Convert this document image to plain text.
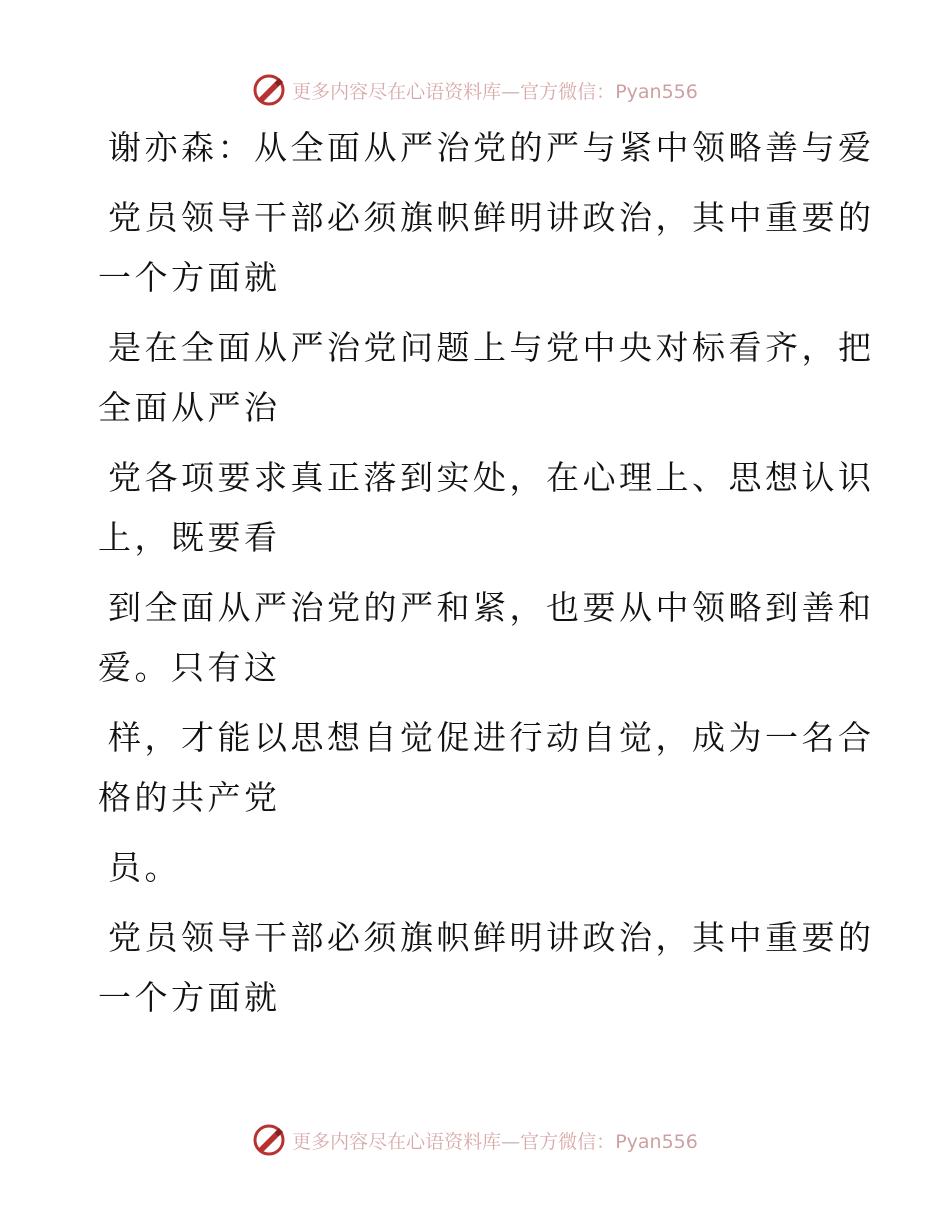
更多内容尽在心语资料库—官方微信：Pyan556
谢亦森：从全面从严治党的严与紧中领略善与爱
党员领导干部必须旗帜鲜明讲政治，其中重要的
一个方面就
是在全面从严治党问题上与党中央对标看齐，把
全面从严治
党各项要求真正落到实处，在心理上、思想认识
上，既要看
到全面从严治党的严和紧，也要从中领略到善和
爱。只有这
样，才能以思想自觉促进行动自觉，成为一名合
格的共产党
员。
党员领导干部必须旗帜鲜明讲政治，其中重要的
一个方面就
更多内容尽在心语资料库—官方微信：Pyan556
